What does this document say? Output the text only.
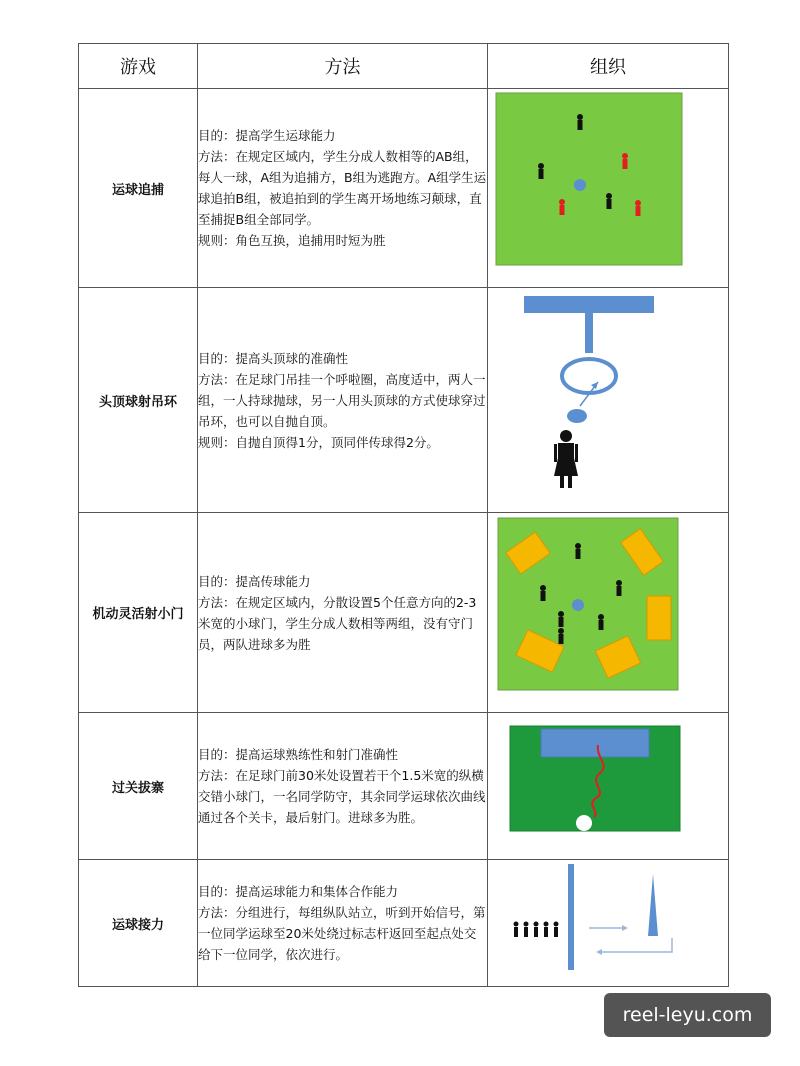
游戏	方法	组织
运球追捕	目的：提高学生运球能力

方法：在规定区域内，学生分成人数相等的AB组，每人一球，A组为追捕方，B组为逃跑方。A组学生运球追拍B组，被追拍到的学生离开场地练习颠球，直至捕捉B组全部同学。

规则：角色互换，追捕用时短为胜

头顶球射吊环	目的：提高头顶球的准确性

方法：在足球门吊挂一个呼啦圈，高度适中，两人一组，一人持球抛球，另一人用头顶球的方式使球穿过吊环，也可以自抛自顶。

规则：自抛自顶得1分，顶同伴传球得2分。

机动灵活射小门	目的：提高传球能力

方法：在规定区域内，分散设置5个任意方向的2-3米宽的小球门，学生分成人数相等两组，没有守门员，两队进球多为胜

过关拔寨	目的：提高运球熟练性和射门准确性

方法：在足球门前30米处设置若干个1.5米宽的纵横交错小球门，一名同学防守，其余同学运球依次曲线通过各个关卡，最后射门。进球多为胜。

运球接力	目的：提高运球能力和集体合作能力

方法：分组进行，每组纵队站立，听到开始信号，第一位同学运球至20米处绕过标志杆返回至起点处交给下一位同学，依次进行。

reel-leyu.com
